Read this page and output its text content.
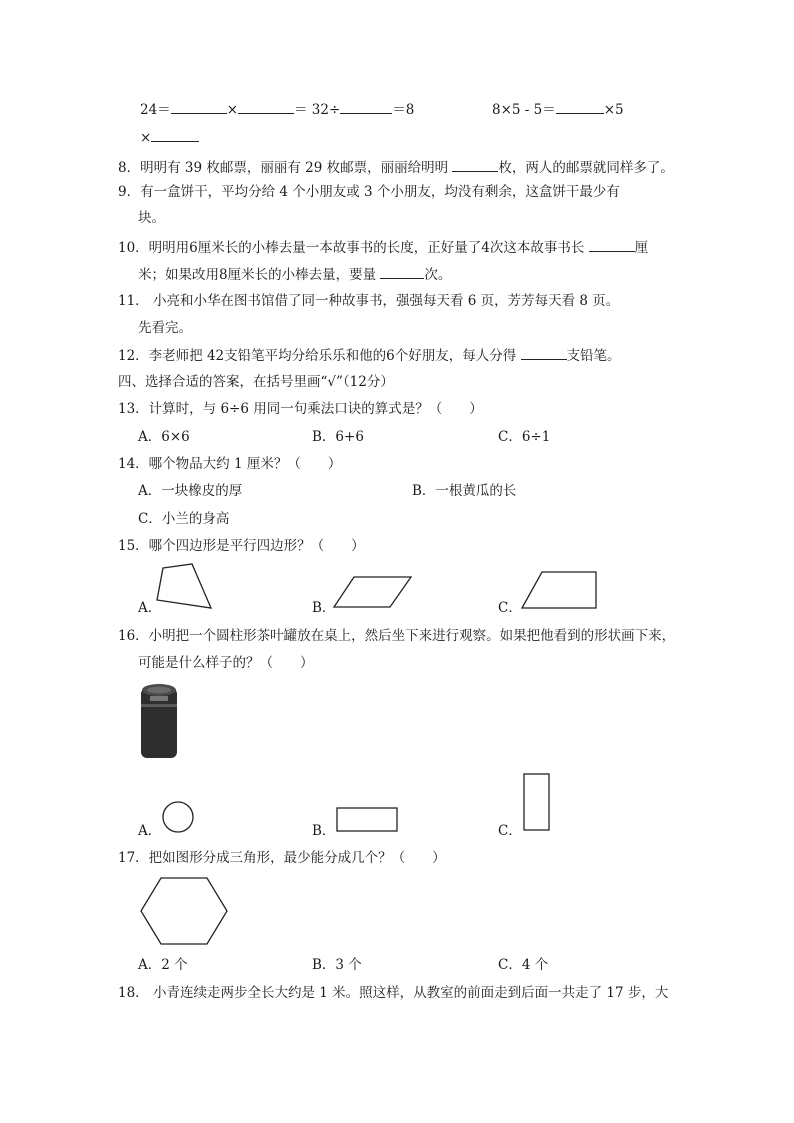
24＝	×	＝ 32÷	＝8	8×5 - 5＝	×5
×
8．明明有 39 枚邮票，丽丽有 29 枚邮票，丽丽给明明	枚，两人的邮票就同样多了。
9．有一盒饼干，平均分给 4 个小朋友或 3 个小朋友，均没有剩余，这盒饼干最少有
块。
10．明明用6厘米长的小棒去量一本故事书的长度，正好量了4次这本故事书长	厘
米；如果改用8厘米长的小棒去量，要量	次。
11． 小亮和小华在图书馆借了同一种故事书，强强每天看 6 页，芳芳每天看 8 页。
先看完。
12．李老师把 42支铅笔平均分给乐乐和他的6个好朋友，每人分得	支铅笔。
四、选择合适的答案，在括号里画“√”（12分）
13．计算时，与 6÷6 用同一句乘法口诀的算式是？（　　）
A．6×6	B．6+6	C．6÷1
14．哪个物品大约 1 厘米？（　　）
A．一块橡皮的厚	B．一根黄瓜的长
C．小兰的身高
15．哪个四边形是平行四边形？（　　）
A．	B．	C．
16．小明把一个圆柱形茶叶罐放在桌上，然后坐下来进行观察。如果把他看到的形状画下来，
可能是什么样子的？（　　）
A．	B．	C．
17．把如图形分成三角形，最少能分成几个？（　　）
A．2 个	B．3 个	C．4 个
18． 小青连续走两步全长大约是 1 米。照这样，从教室的前面走到后面一共走了 17 步，大
